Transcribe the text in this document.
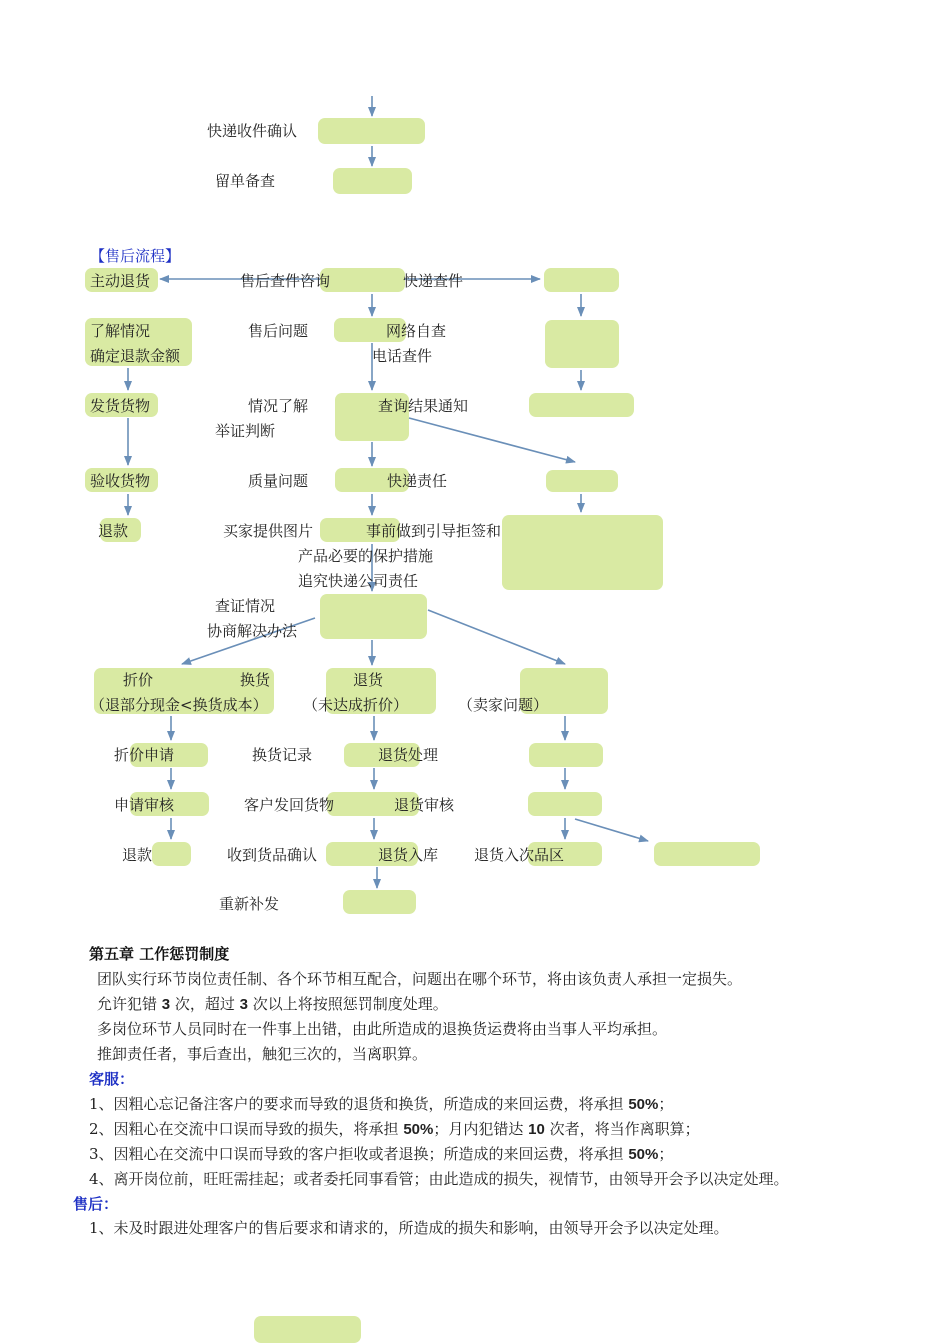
快递收件确认
留单备查
【售后流程】
主动退货	售后查件咨询	快递查件
了解情况
确定退款金额
售后问题	网络自查
电话查件
发货货物	情况了解
举证判断
查询结果通知
验收货物	质量问题	快递责任
退款	买家提供图片	事前做到引导拒签和
产品必要的保护措施
追究快递公司责任
查证情况
协商解决办法
折价	换货
（退部分现金<换货成本）
退货
（未达成折价）	（卖家问题）
折价申请	换货记录	退货处理
申请审核	客户发回货物	退货审核
退款	收到货品确认	退货入库 退货入次品区
重新补发
第五章 工作惩罚制度
团队实行环节岗位责任制、各个环节相互配合，问题出在哪个环节，将由该负责人承担一定损失。
允许犯错 3 次，超过 3 次以上将按照惩罚制度处理。
多岗位环节人员同时在一件事上出错，由此所造成的退换货运费将由当事人平均承担。
推卸责任者，事后查出，触犯三次的，当离职算。
客服：
1、因粗心忘记备注客户的要求而导致的退货和换货，所造成的来回运费，将承担 50%；
2、因粗心在交流中口误而导致的损失，将承担 50%；月内犯错达 10 次者，将当作离职算；
3、因粗心在交流中口误而导致的客户拒收或者退换；所造成的来回运费，将承担 50%；
4、离开岗位前，旺旺需挂起；或者委托同事看管；由此造成的损失，视情节，由领导开会予以决定处理。
售后：
1、未及时跟进处理客户的售后要求和请求的，所造成的损失和影响，由领导开会予以决定处理。
